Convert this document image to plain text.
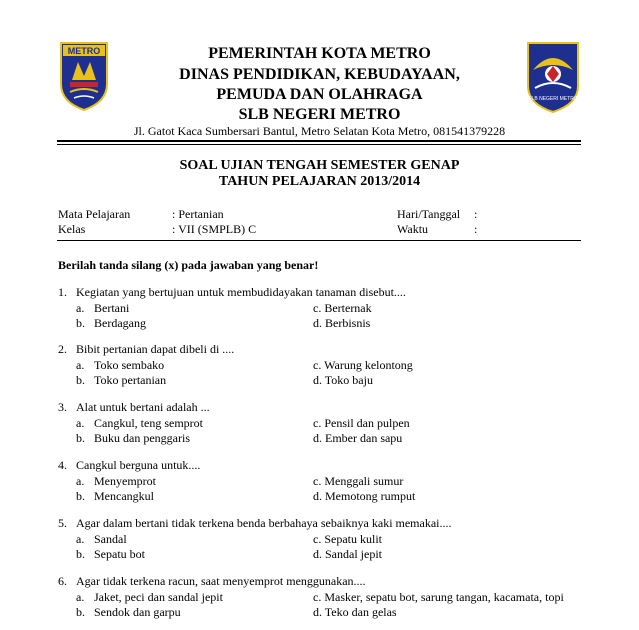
METRO
SLB NEGERI METRO
PEMERINTAH KOTA METRO
DINAS PENDIDIKAN, KEBUDAYAAN,
PEMUDA DAN OLAHRAGA
SLB NEGERI METRO
Jl. Gatot Kaca Sumbersari Bantul, Metro Selatan Kota Metro, 081541379228
SOAL UJIAN TENGAH SEMESTER GENAP
TAHUN PELAJARAN 2013/2014
Mata Pelajaran	: Pertanian	Hari/Tanggal :
Kelas	: VII (SMPLB) C	Waktu	:
Berilah tanda silang (x) pada jawaban yang benar!
1. Kegiatan yang bertujuan untuk membudidayakan tanaman disebut....
a. Bertani
b. Berdagang
c. Berternak
d. Berbisnis
2. Bibit pertanian dapat dibeli di ....
a. Toko sembako
b. Toko pertanian
c. Warung kelontong
d. Toko baju
3. Alat untuk bertani adalah ...
a. Cangkul, teng semprot
b. Buku dan penggaris
c. Pensil dan pulpen
d. Ember dan sapu
4. Cangkul berguna untuk....
a. Menyemprot
b. Mencangkul
c. Menggali sumur
d. Memotong rumput
5. Agar dalam bertani tidak terkena benda berbahaya sebaiknya kaki memakai....
a. Sandal
b. Sepatu bot
c. Sepatu kulit
d. Sandal jepit
6. Agar tidak terkena racun, saat menyemprot menggunakan....
a. Jaket, peci dan sandal jepit
b. Sendok dan garpu
c. Masker, sepatu bot, sarung tangan, kacamata, topi
d. Teko dan gelas
